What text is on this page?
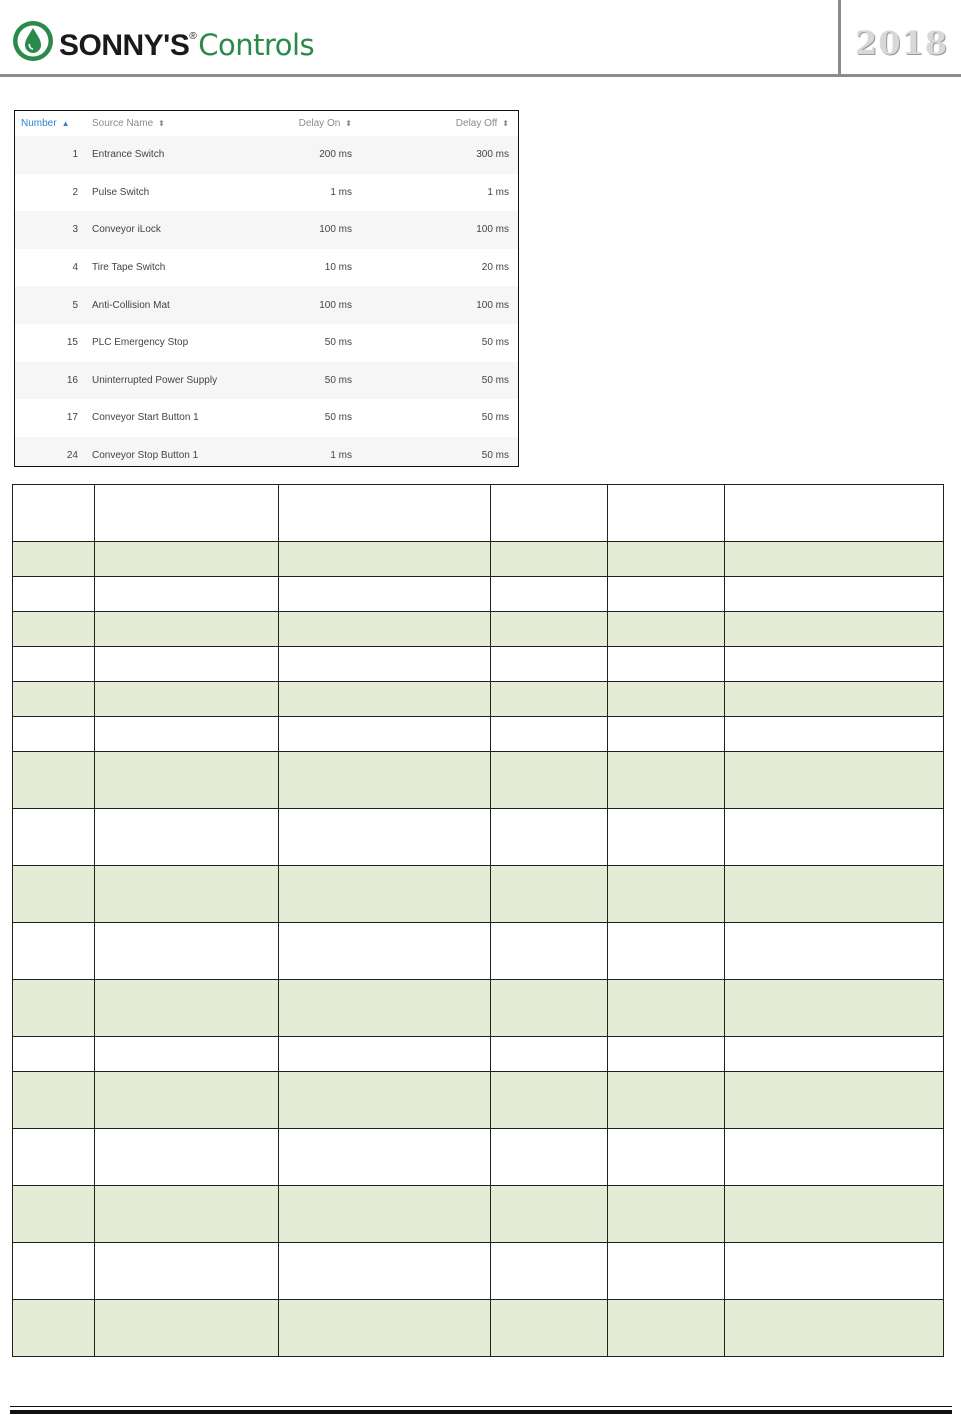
SONNY'S®Controls	2018
Number ▲	Source Name ⬍	Delay On ⬍	Delay Off ⬍
1	Entrance Switch	200 ms	300 ms
2	Pulse Switch	1 ms	1 ms
3	Conveyor iLock	100 ms	100 ms
4	Tire Tape Switch	10 ms	20 ms
5	Anti-Collision Mat	100 ms	100 ms
15	PLC Emergency Stop	50 ms	50 ms
16	Uninterrupted Power Supply	50 ms	50 ms
17	Conveyor Start Button 1	50 ms	50 ms
24	Conveyor Stop Button 1	1 ms	50 ms
